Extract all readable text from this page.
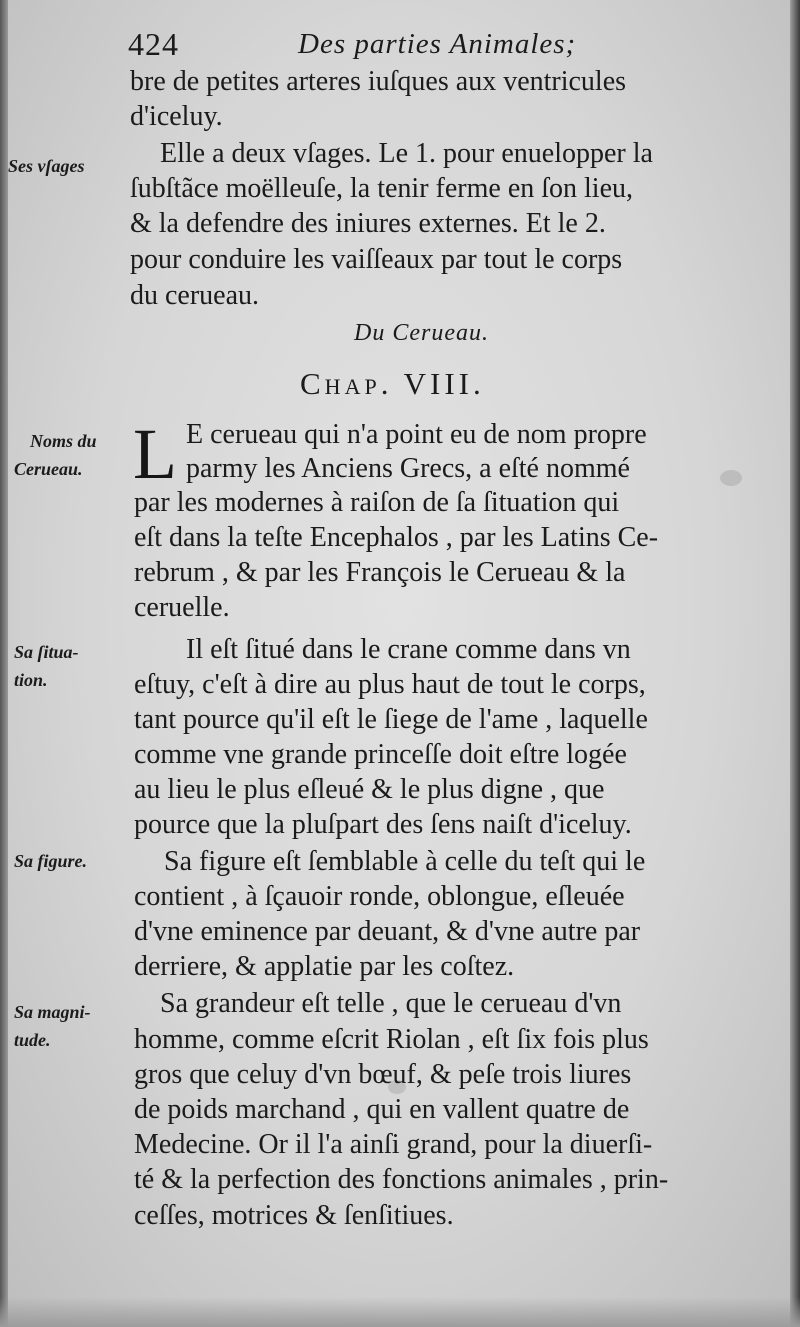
424	Des parties Animales;
Ses vſages
Noms du
Cerueau.
Sa ſitua-
tion.
Sa figure.
Sa magni-
tude.
Du Cerueau.
Chap. VIII.
L
bre de petites arteres iuſques aux ventricules
d'iceluy.
Elle a deux vſages. Le 1. pour enuelopper la
ſubſtãce moëlleuſe, la tenir ferme en ſon lieu,
& la defendre des iniures externes. Et le 2.
pour conduire les vaiſſeaux par tout le corps
du cerueau.
E cerueau qui n'a point eu de nom propre
parmy les Anciens Grecs, a eſté nommé
par les modernes à raiſon de ſa ſituation qui
eſt dans la teſte Encephalos , par les Latins Ce-
rebrum , & par les François le Cerueau & la
ceruelle.
Il eſt ſitué dans le crane comme dans vn
eſtuy, c'eſt à dire au plus haut de tout le corps,
tant pource qu'il eſt le ſiege de l'ame , laquelle
comme vne grande princeſſe doit eſtre logée
au lieu le plus eſleué & le plus digne , que
pource que la pluſpart des ſens naiſt d'iceluy.
Sa figure eſt ſemblable à celle du teſt qui le
contient , à ſçauoir ronde, oblongue, eſleuée
d'vne eminence par deuant, & d'vne autre par
derriere, & applatie par les coſtez.
Sa grandeur eſt telle , que le cerueau d'vn
homme, comme eſcrit Riolan , eſt ſix fois plus
gros que celuy d'vn bœuf, & peſe trois liures
de poids marchand , qui en vallent quatre de
Medecine. Or il l'a ainſi grand, pour la diuerſi-
té & la perfection des fonctions animales , prin-
ceſſes, motrices & ſenſitiues.
